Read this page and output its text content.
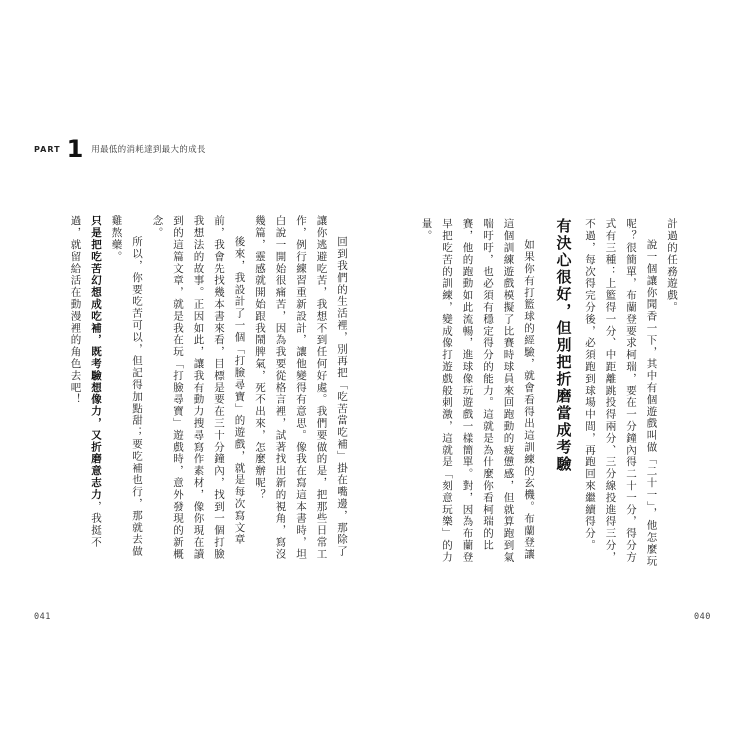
PART 1 用最低的消耗達到最大的成長

計過的任務遊戲。

說一個讓你聞香一下，其中有個遊戲叫做「二十一」，他怎麼玩呢？很簡單，布蘭登要求柯瑞，要在一分鐘內得二十一分，得分方式有三種：上籃得一分、中距離跳投得兩分、三分線投進得三分，不過，每次得完分後，必須跑到球場中間，再跑回來繼續得分。

有決心很好，但別把折磨當成考驗

如果你有打籃球的經驗，就會看得出這訓練的玄機。布蘭登讓這個訓練遊戲模擬了比賽時球員來回跑動的疲憊感，但就算跑到氣喘吁吁，也必須有穩定得分的能力。這就是為什麼你看柯瑞的比賽，他的跑動如此流暢，進球像玩遊戲一樣簡單。對，因為布蘭登早把吃苦的訓練，變成像打遊戲般刺激，這就是「刻意玩樂」的力量。

回到我們的生活裡，別再把「吃苦當吃補」掛在嘴邊，那除了讓你逃避吃苦，我想不到任何好處。我們要做的是，把那些日常工作，例行練習重新設計，讓他變得有意思。像我在寫這本書時，坦白說一開始很痛苦，因為我要從格言裡，試著找出新的視角，寫沒幾篇，靈感就開始跟我鬧脾氣，死不出來，怎麼辦呢？

後來，我設計了一個「打臉尋寶」的遊戲，就是每次寫文章前，我會先找幾本書來看，目標是要在三十分鐘內，找到一個打臉我想法的故事。正因如此，讓我有動力搜尋寫作素材，像你現在讀到的這篇文章，就是我在玩「打臉尋寶」遊戲時，意外發現的新概念。

所以，你要吃苦可以，但記得加點甜；要吃補也行，那就去做雞熬藥。

只是把吃苦幻想成吃補，既考驗想像力，又折磨意志力，我挺不過，就留給活在動漫裡的角色去吧！

041	040
